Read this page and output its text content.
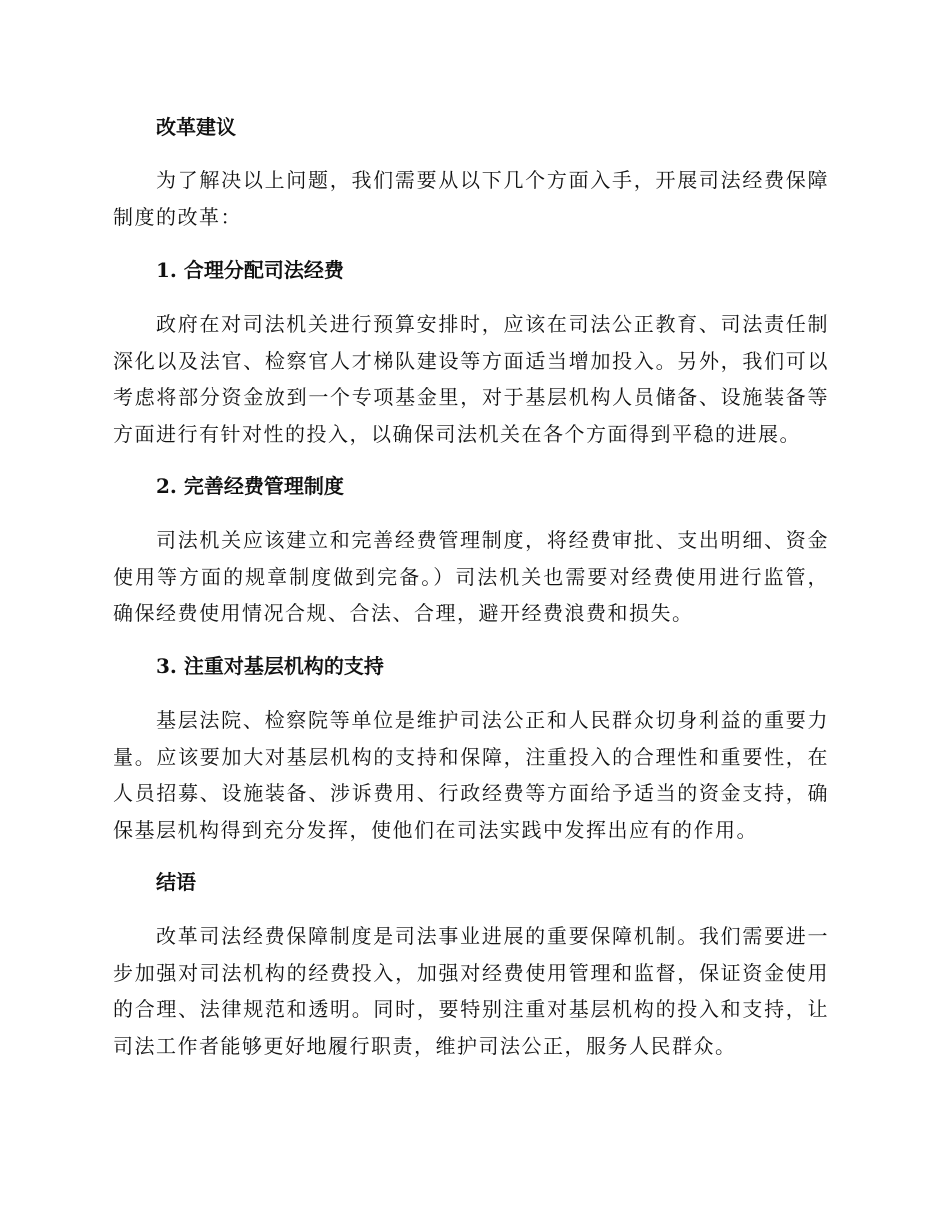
改革建议

为了解决以上问题，我们需要从以下几个方面入手，开展司法经费保障制度的改革：

1. 合理分配司法经费

政府在对司法机关进行预算安排时，应该在司法公正教育、司法责任制深化以及法官、检察官人才梯队建设等方面适当增加投入。另外，我们可以考虑将部分资金放到一个专项基金里，对于基层机构人员储备、设施装备等方面进行有针对性的投入，以确保司法机关在各个方面得到平稳的进展。

2. 完善经费管理制度

司法机关应该建立和完善经费管理制度，将经费审批、支出明细、资金使用等方面的规章制度做到完备。）司法机关也需要对经费使用进行监管，确保经费使用情况合规、合法、合理，避开经费浪费和损失。

3. 注重对基层机构的支持

基层法院、检察院等单位是维护司法公正和人民群众切身利益的重要力量。应该要加大对基层机构的支持和保障，注重投入的合理性和重要性，在人员招募、设施装备、涉诉费用、行政经费等方面给予适当的资金支持，确保基层机构得到充分发挥，使他们在司法实践中发挥出应有的作用。

结语

改革司法经费保障制度是司法事业进展的重要保障机制。我们需要进一步加强对司法机构的经费投入，加强对经费使用管理和监督，保证资金使用的合理、法律规范和透明。同时，要特别注重对基层机构的投入和支持，让司法工作者能够更好地履行职责，维护司法公正，服务人民群众。
